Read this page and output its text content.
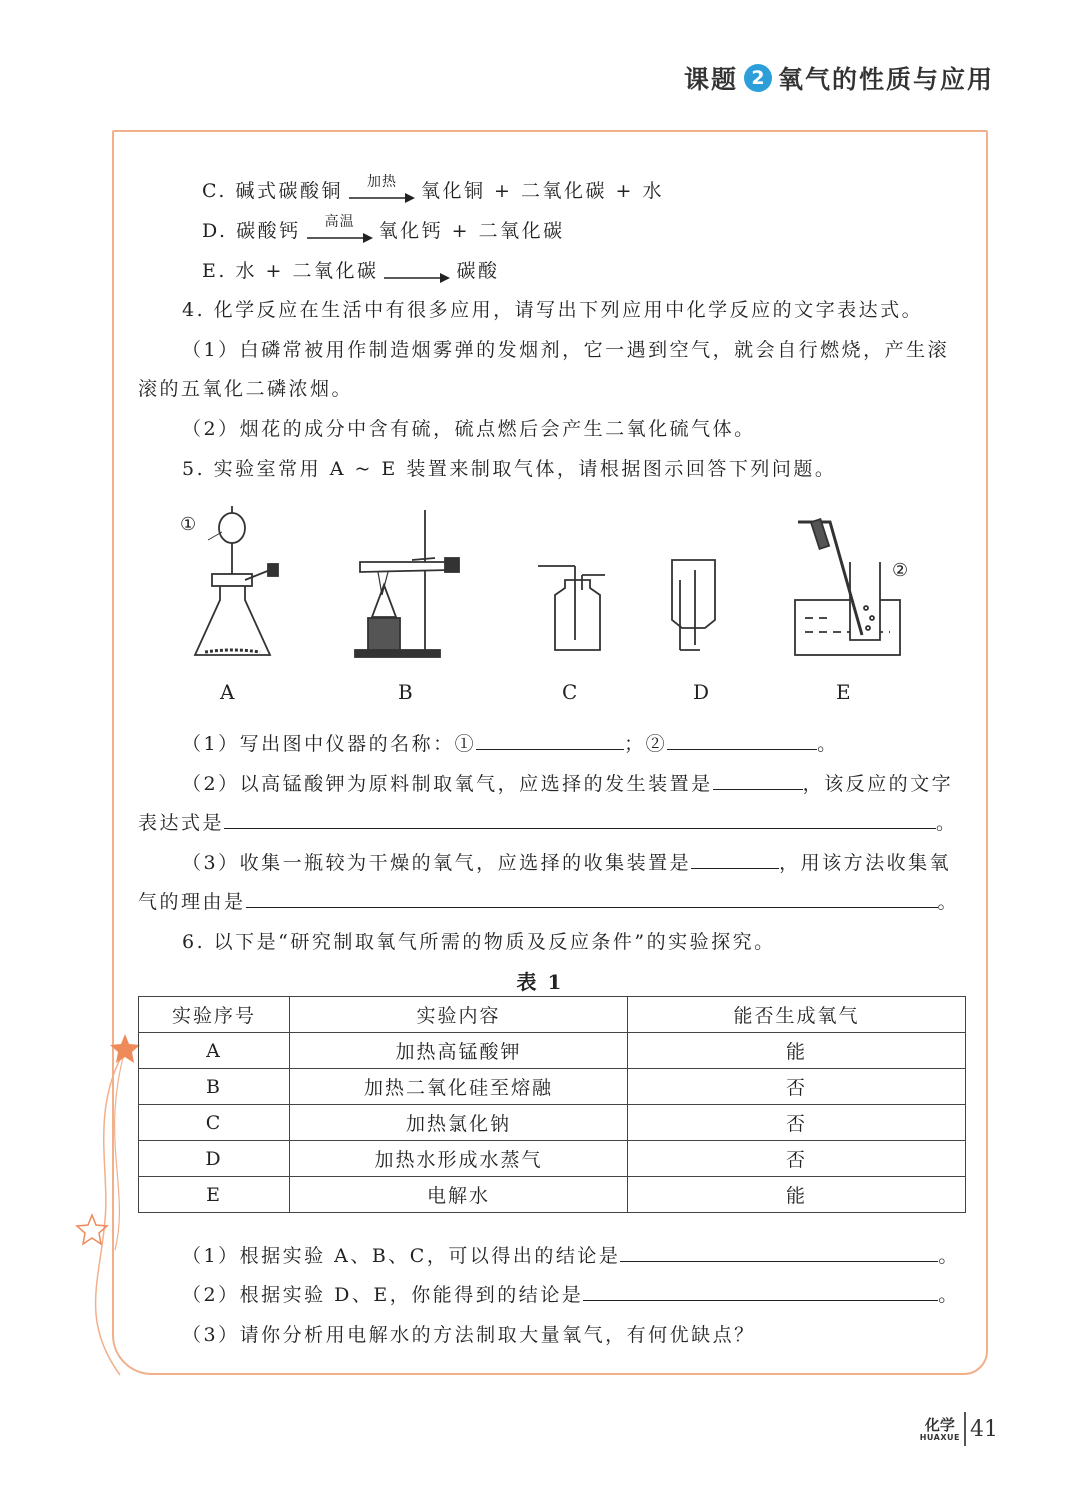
课题 2 氧气的性质与应用
C. 碱式碳酸铜	加热	氧化铜 + 二氧化碳 + 水
D. 碳酸钙	高温	氧化钙 + 二氧化碳
E. 水 + 二氧化碳	碳酸
4. 化学反应在生活中有很多应用，请写出下列应用中化学反应的文字表达式。
（1）白磷常被用作制造烟雾弹的发烟剂，它一遇到空气，就会自行燃烧，产生滚
滚的五氧化二磷浓烟。
（2）烟花的成分中含有硫，硫点燃后会产生二氧化硫气体。
5. 实验室常用 A ~ E 装置来制取气体，请根据图示回答下列问题。
①
②
A	B	C	D	E
（1）写出图中仪器的名称：①	；②	。
（2）以高锰酸钾为原料制取氧气，应选择的发生装置是	，该反应的文字
表达式是	。
（3）收集一瓶较为干燥的氧气，应选择的收集装置是	，用该方法收集氧
气的理由是	。
6. 以下是“研究制取氧气所需的物质及反应条件”的实验探究。
表 1
实验序号	实验内容	能否生成氧气
A	加热高锰酸钾	能
B	加热二氧化硅至熔融	否
C	加热氯化钠	否
D	加热水形成水蒸气	否
E	电解水	能
（1）根据实验 A、B、C，可以得出的结论是	。
（2）根据实验 D、E，你能得到的结论是	。
（3）请你分析用电解水的方法制取大量氧气，有何优缺点？
化学
HUAXUE 41
